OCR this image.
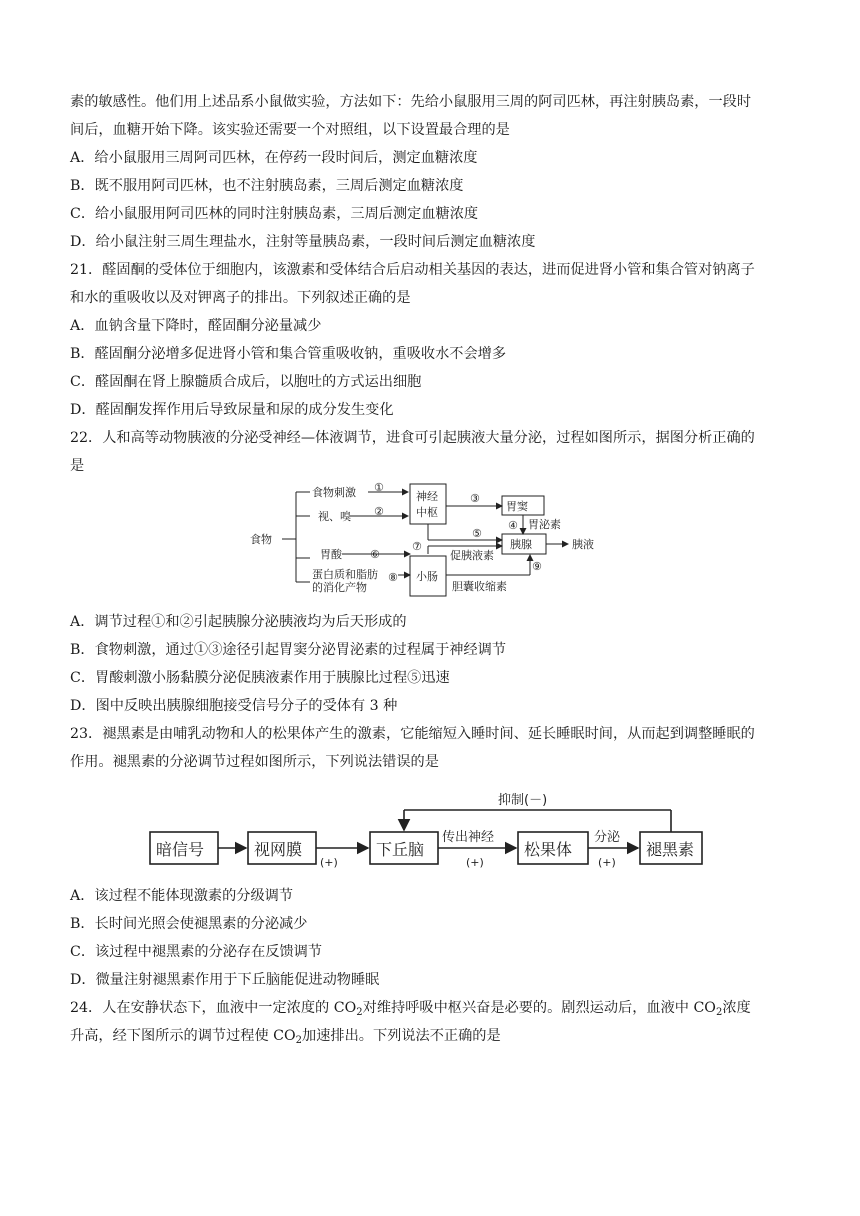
素的敏感性。他们用上述品系小鼠做实验，方法如下：先给小鼠服用三周的阿司匹林，再注射胰岛素，一段时
间后，血糖开始下降。该实验还需要一个对照组，以下设置最合理的是
A．给小鼠服用三周阿司匹林，在停药一段时间后，测定血糖浓度
B．既不服用阿司匹林，也不注射胰岛素，三周后测定血糖浓度
C．给小鼠服用阿司匹林的同时注射胰岛素，三周后测定血糖浓度
D．给小鼠注射三周生理盐水，注射等量胰岛素，一段时间后测定血糖浓度
21．醛固酮的受体位于细胞内，该激素和受体结合后启动相关基因的表达，进而促进肾小管和集合管对钠离子
和水的重吸收以及对钾离子的排出。下列叙述正确的是
A．血钠含量下降时，醛固酮分泌量减少
B．醛固酮分泌增多促进肾小管和集合管重吸收钠，重吸收水不会增多
C．醛固酮在肾上腺髓质合成后，以胞吐的方式运出细胞
D．醛固酮发挥作用后导致尿量和尿的成分发生变化
22．人和高等动物胰液的分泌受神经—体液调节，进食可引起胰液大量分泌，过程如图所示，据图分析正确的
是
食物
食物刺激 ①
视、嗅 ②
胃酸	⑥
蛋白质和脂肪
的消化产物
⑧
神经
中枢
小肠
③
⑤
胃窦
④ 胃泌素
胰腺	胰液
⑦
促胰液素
胆囊收缩素
⑨
A．调节过程①和②引起胰腺分泌胰液均为后天形成的
B．食物刺激，通过①③途径引起胃窦分泌胃泌素的过程属于神经调节
C．胃酸刺激小肠黏膜分泌促胰液素作用于胰腺比过程⑤迅速
D．图中反映出胰腺细胞接受信号分子的受体有 3 种
23．褪黑素是由哺乳动物和人的松果体产生的激素，它能缩短入睡时间、延长睡眠时间，从而起到调整睡眠的
作用。褪黑素的分泌调节过程如图所示，下列说法错误的是
暗信号	视网膜	下丘脑	松果体	褪黑素
抑制(－)
传出神经	分泌
(+)	(+)	(+)
A．该过程不能体现激素的分级调节
B．长时间光照会使褪黑素的分泌减少
C．该过程中褪黑素的分泌存在反馈调节
D．微量注射褪黑素作用于下丘脑能促进动物睡眠
24．人在安静状态下，血液中一定浓度的 $CO_2$对维持呼吸中枢兴奋是必要的。剧烈运动后，血液中 $CO_2$浓度
升高，经下图所示的调节过程使 $CO_2$加速排出。下列说法不正确的是
